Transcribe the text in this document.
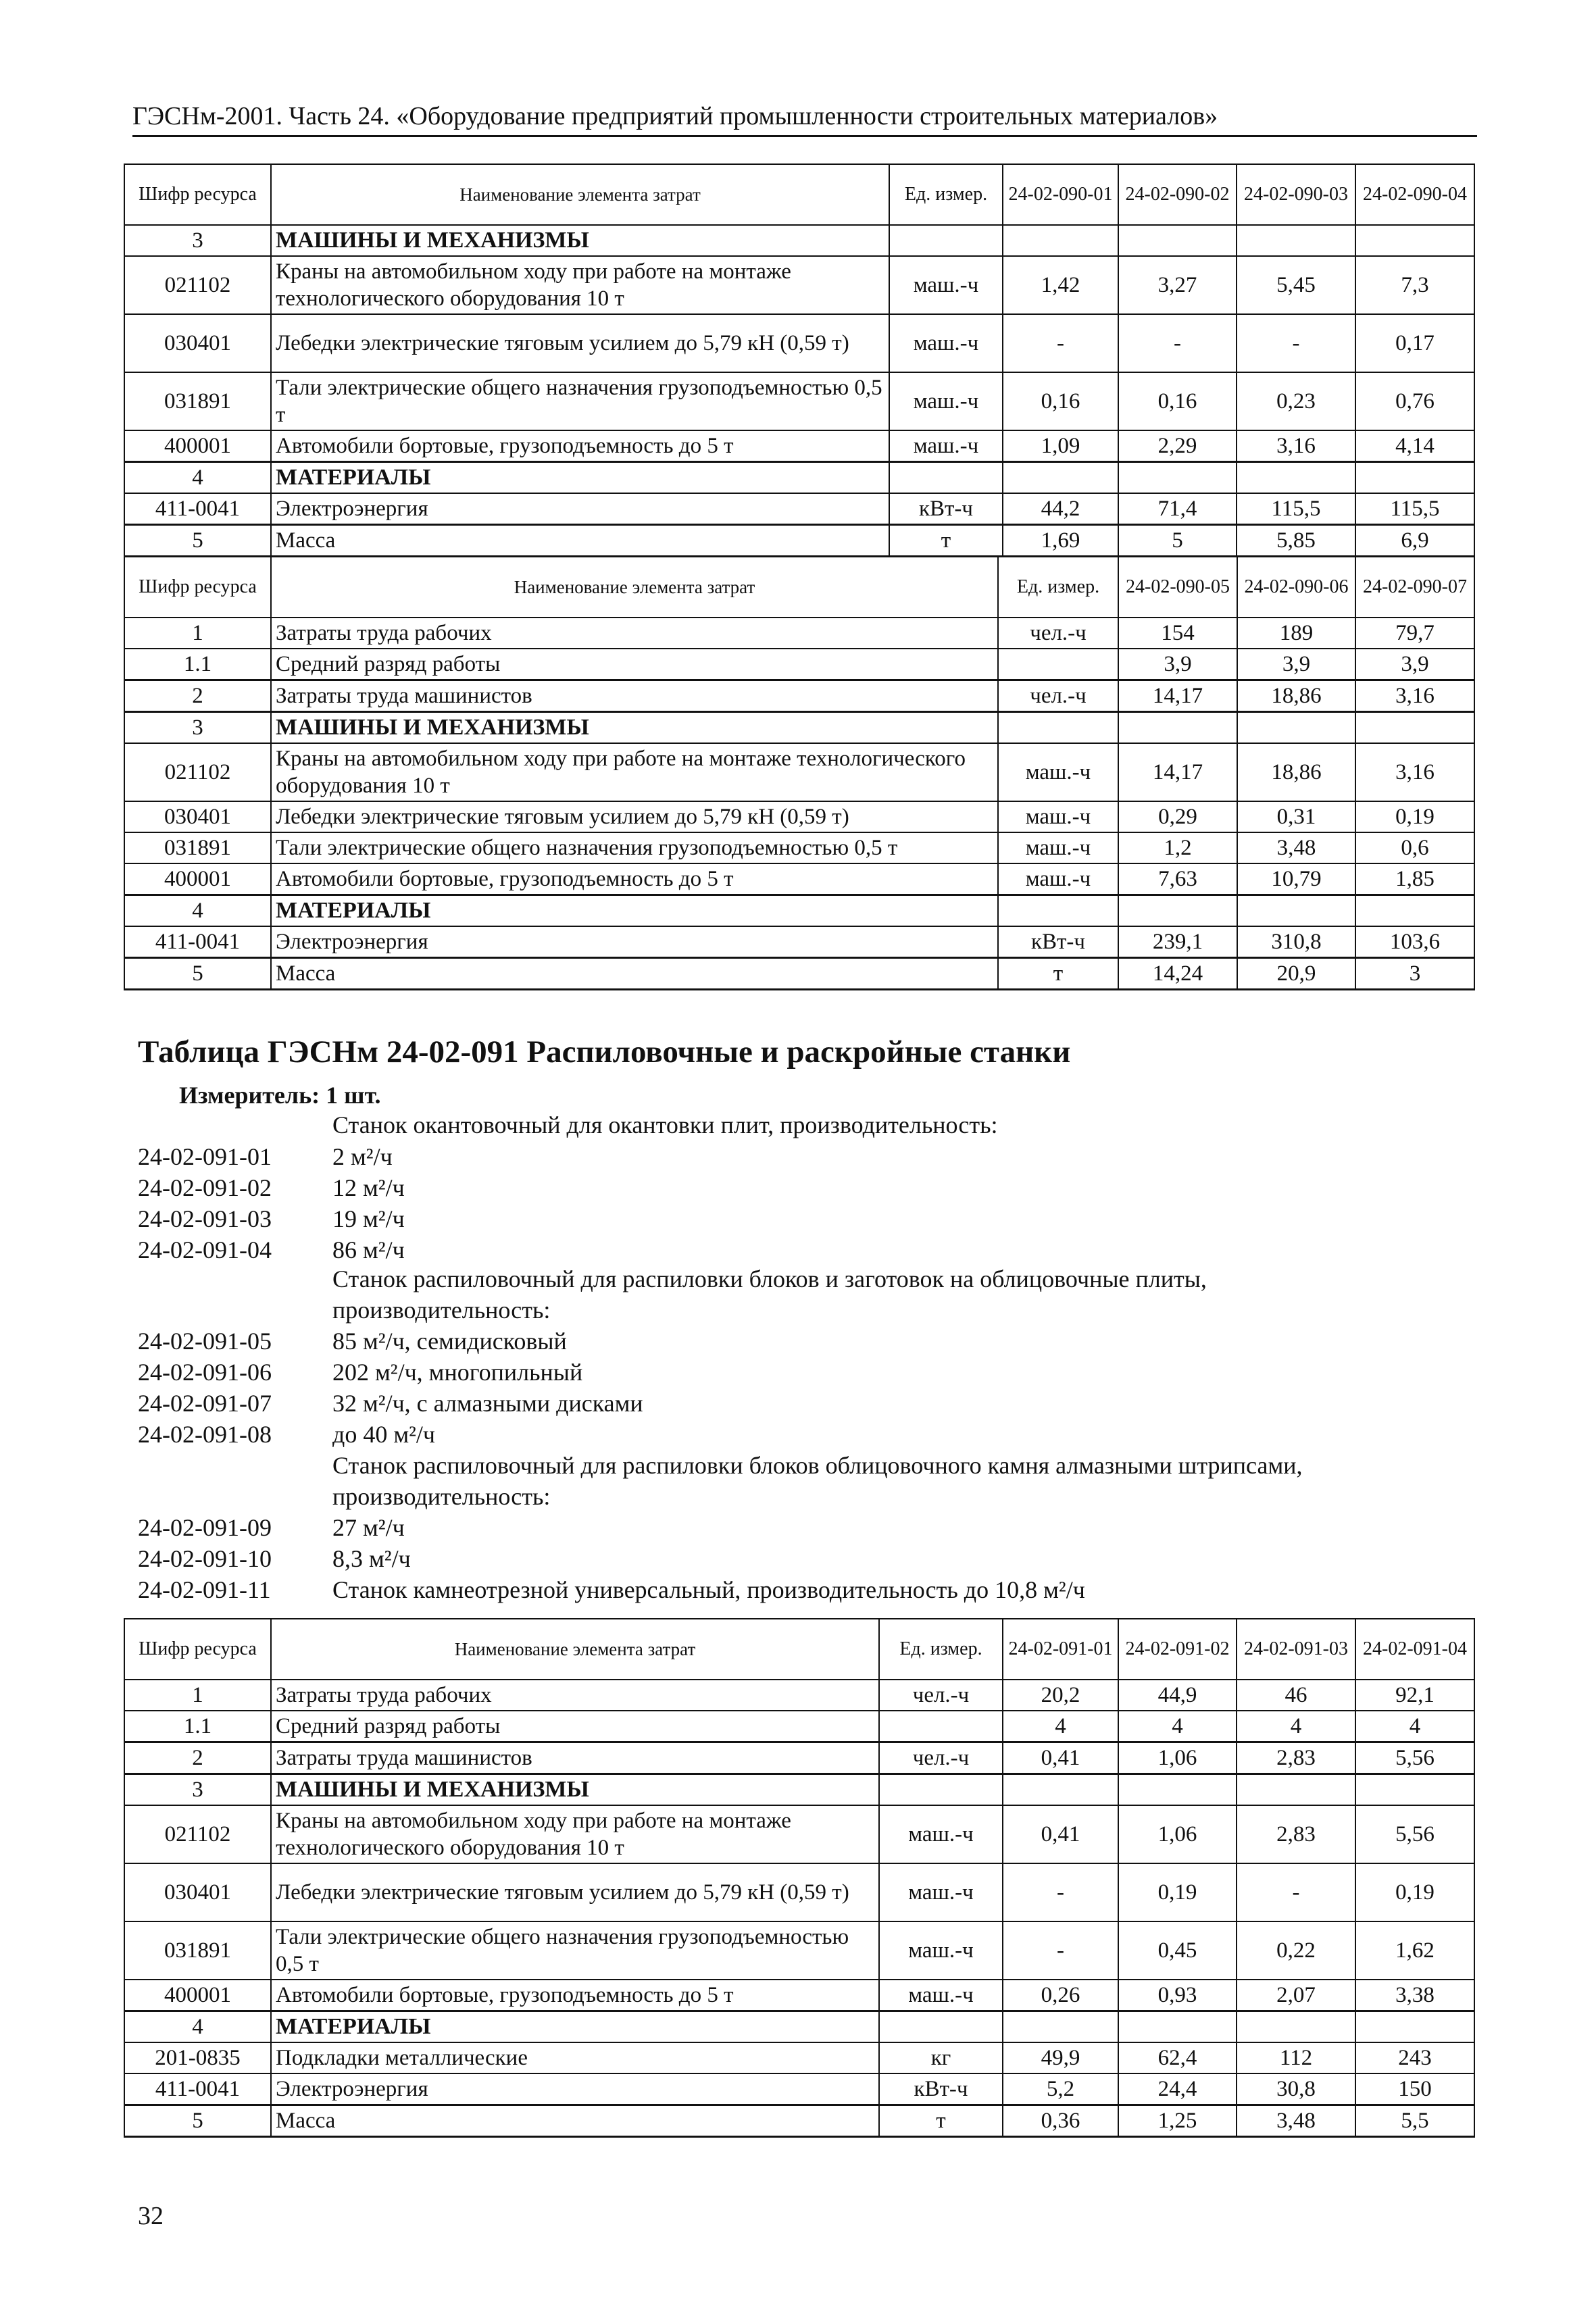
ГЭСНм-2001. Часть 24. «Оборудование предприятий промышленности строительных материалов»
Шифр ресурса	Наименование элемента затрат	Ед. измер.	24-02-090-01	24-02-090-02	24-02-090-03	24-02-090-04
3	МАШИНЫ И МЕХАНИЗМЫ					
021102	Краны на автомобильном ходу при работе на монтаже технологического оборудования 10 т	маш.-ч	1,42	3,27	5,45	7,3
030401	Лебедки электрические тяговым усилием до 5,79 кН (0,59 т)	маш.-ч	-	-	-	0,17
031891	Тали электрические общего назначения грузоподъемностью 0,5 т	маш.-ч	0,16	0,16	0,23	0,76
400001	Автомобили бортовые, грузоподъемность до 5 т	маш.-ч	1,09	2,29	3,16	4,14
4	МАТЕРИАЛЫ					
411-0041	Электроэнергия	кВт-ч	44,2	71,4	115,5	115,5
5	Масса	т	1,69	5	5,85	6,9
Шифр ресурса	Наименование элемента затрат	Ед. измер.	24-02-090-05	24-02-090-06	24-02-090-07
1	Затраты труда рабочих	чел.-ч	154	189	79,7
1.1	Средний разряд работы		3,9	3,9	3,9
2	Затраты труда машинистов	чел.-ч	14,17	18,86	3,16
3	МАШИНЫ И МЕХАНИЗМЫ				
021102	Краны на автомобильном ходу при работе на монтаже технологического оборудования 10 т	маш.-ч	14,17	18,86	3,16
030401	Лебедки электрические тяговым усилием до 5,79 кН (0,59 т)	маш.-ч	0,29	0,31	0,19
031891	Тали электрические общего назначения грузоподъемностью 0,5 т	маш.-ч	1,2	3,48	0,6
400001	Автомобили бортовые, грузоподъемность до 5 т	маш.-ч	7,63	10,79	1,85
4	МАТЕРИАЛЫ				
411-0041	Электроэнергия	кВт-ч	239,1	310,8	103,6
5	Масса	т	14,24	20,9	3
Таблица ГЭСНм 24-02-091 Распиловочные и раскройные станки
Измеритель: 1 шт.
Станок окантовочный для окантовки плит, производительность:
24-02-091-01	2 м²/ч
24-02-091-02	12 м²/ч
24-02-091-03	19 м²/ч
24-02-091-04	86 м²/ч
Станок распиловочный для распиловки блоков и заготовок на облицовочные плиты,
производительность:
24-02-091-05	85 м²/ч, семидисковый
24-02-091-06	202 м²/ч, многопильный
24-02-091-07	32 м²/ч, с алмазными дисками
24-02-091-08	до 40 м²/ч
Станок распиловочный для распиловки блоков облицовочного камня алмазными штрипсами,
производительность:
24-02-091-09	27 м²/ч
24-02-091-10	8,3 м²/ч
24-02-091-11	Станок камнеотрезной универсальный, производительность до 10,8 м²/ч
Шифр ресурса	Наименование элемента затрат	Ед. измер.	24-02-091-01	24-02-091-02	24-02-091-03	24-02-091-04
1	Затраты труда рабочих	чел.-ч	20,2	44,9	46	92,1
1.1	Средний разряд работы		4	4	4	4
2	Затраты труда машинистов	чел.-ч	0,41	1,06	2,83	5,56
3	МАШИНЫ И МЕХАНИЗМЫ					
021102	Краны на автомобильном ходу при работе на монтаже технологического оборудования 10 т	маш.-ч	0,41	1,06	2,83	5,56
030401	Лебедки электрические тяговым усилием до 5,79 кН (0,59 т)	маш.-ч	-	0,19	-	0,19
031891	Тали электрические общего назначения грузоподъемностью 0,5 т	маш.-ч	-	0,45	0,22	1,62
400001	Автомобили бортовые, грузоподъемность до 5 т	маш.-ч	0,26	0,93	2,07	3,38
4	МАТЕРИАЛЫ					
201-0835	Подкладки металлические	кг	49,9	62,4	112	243
411-0041	Электроэнергия	кВт-ч	5,2	24,4	30,8	150
5	Масса	т	0,36	1,25	3,48	5,5
32
